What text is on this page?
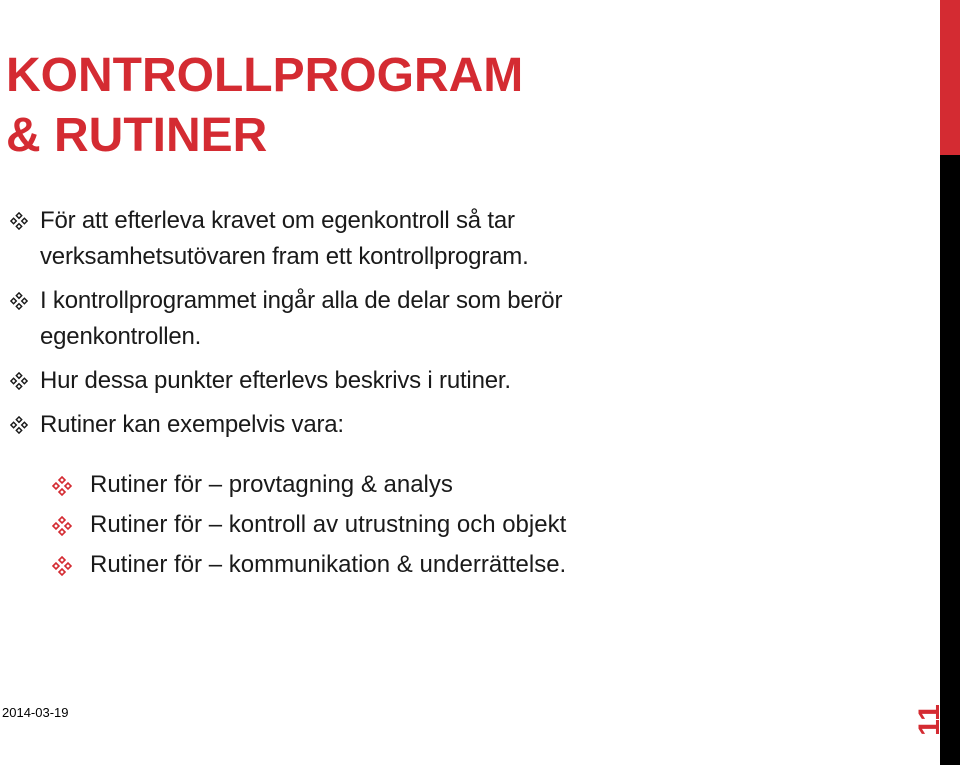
KONTROLLPROGRAM
& RUTINER
För att efterleva kravet om egenkontroll så tar
verksamhetsutövaren fram ett kontrollprogram.
I kontrollprogrammet ingår alla de delar som berör
egenkontrollen.
Hur dessa punkter efterlevs beskrivs i rutiner.
Rutiner kan exempelvis vara:
Rutiner för – provtagning & analys
Rutiner för – kontroll av utrustning och objekt
Rutiner för – kommunikation & underrättelse.
2014-03-19	11
